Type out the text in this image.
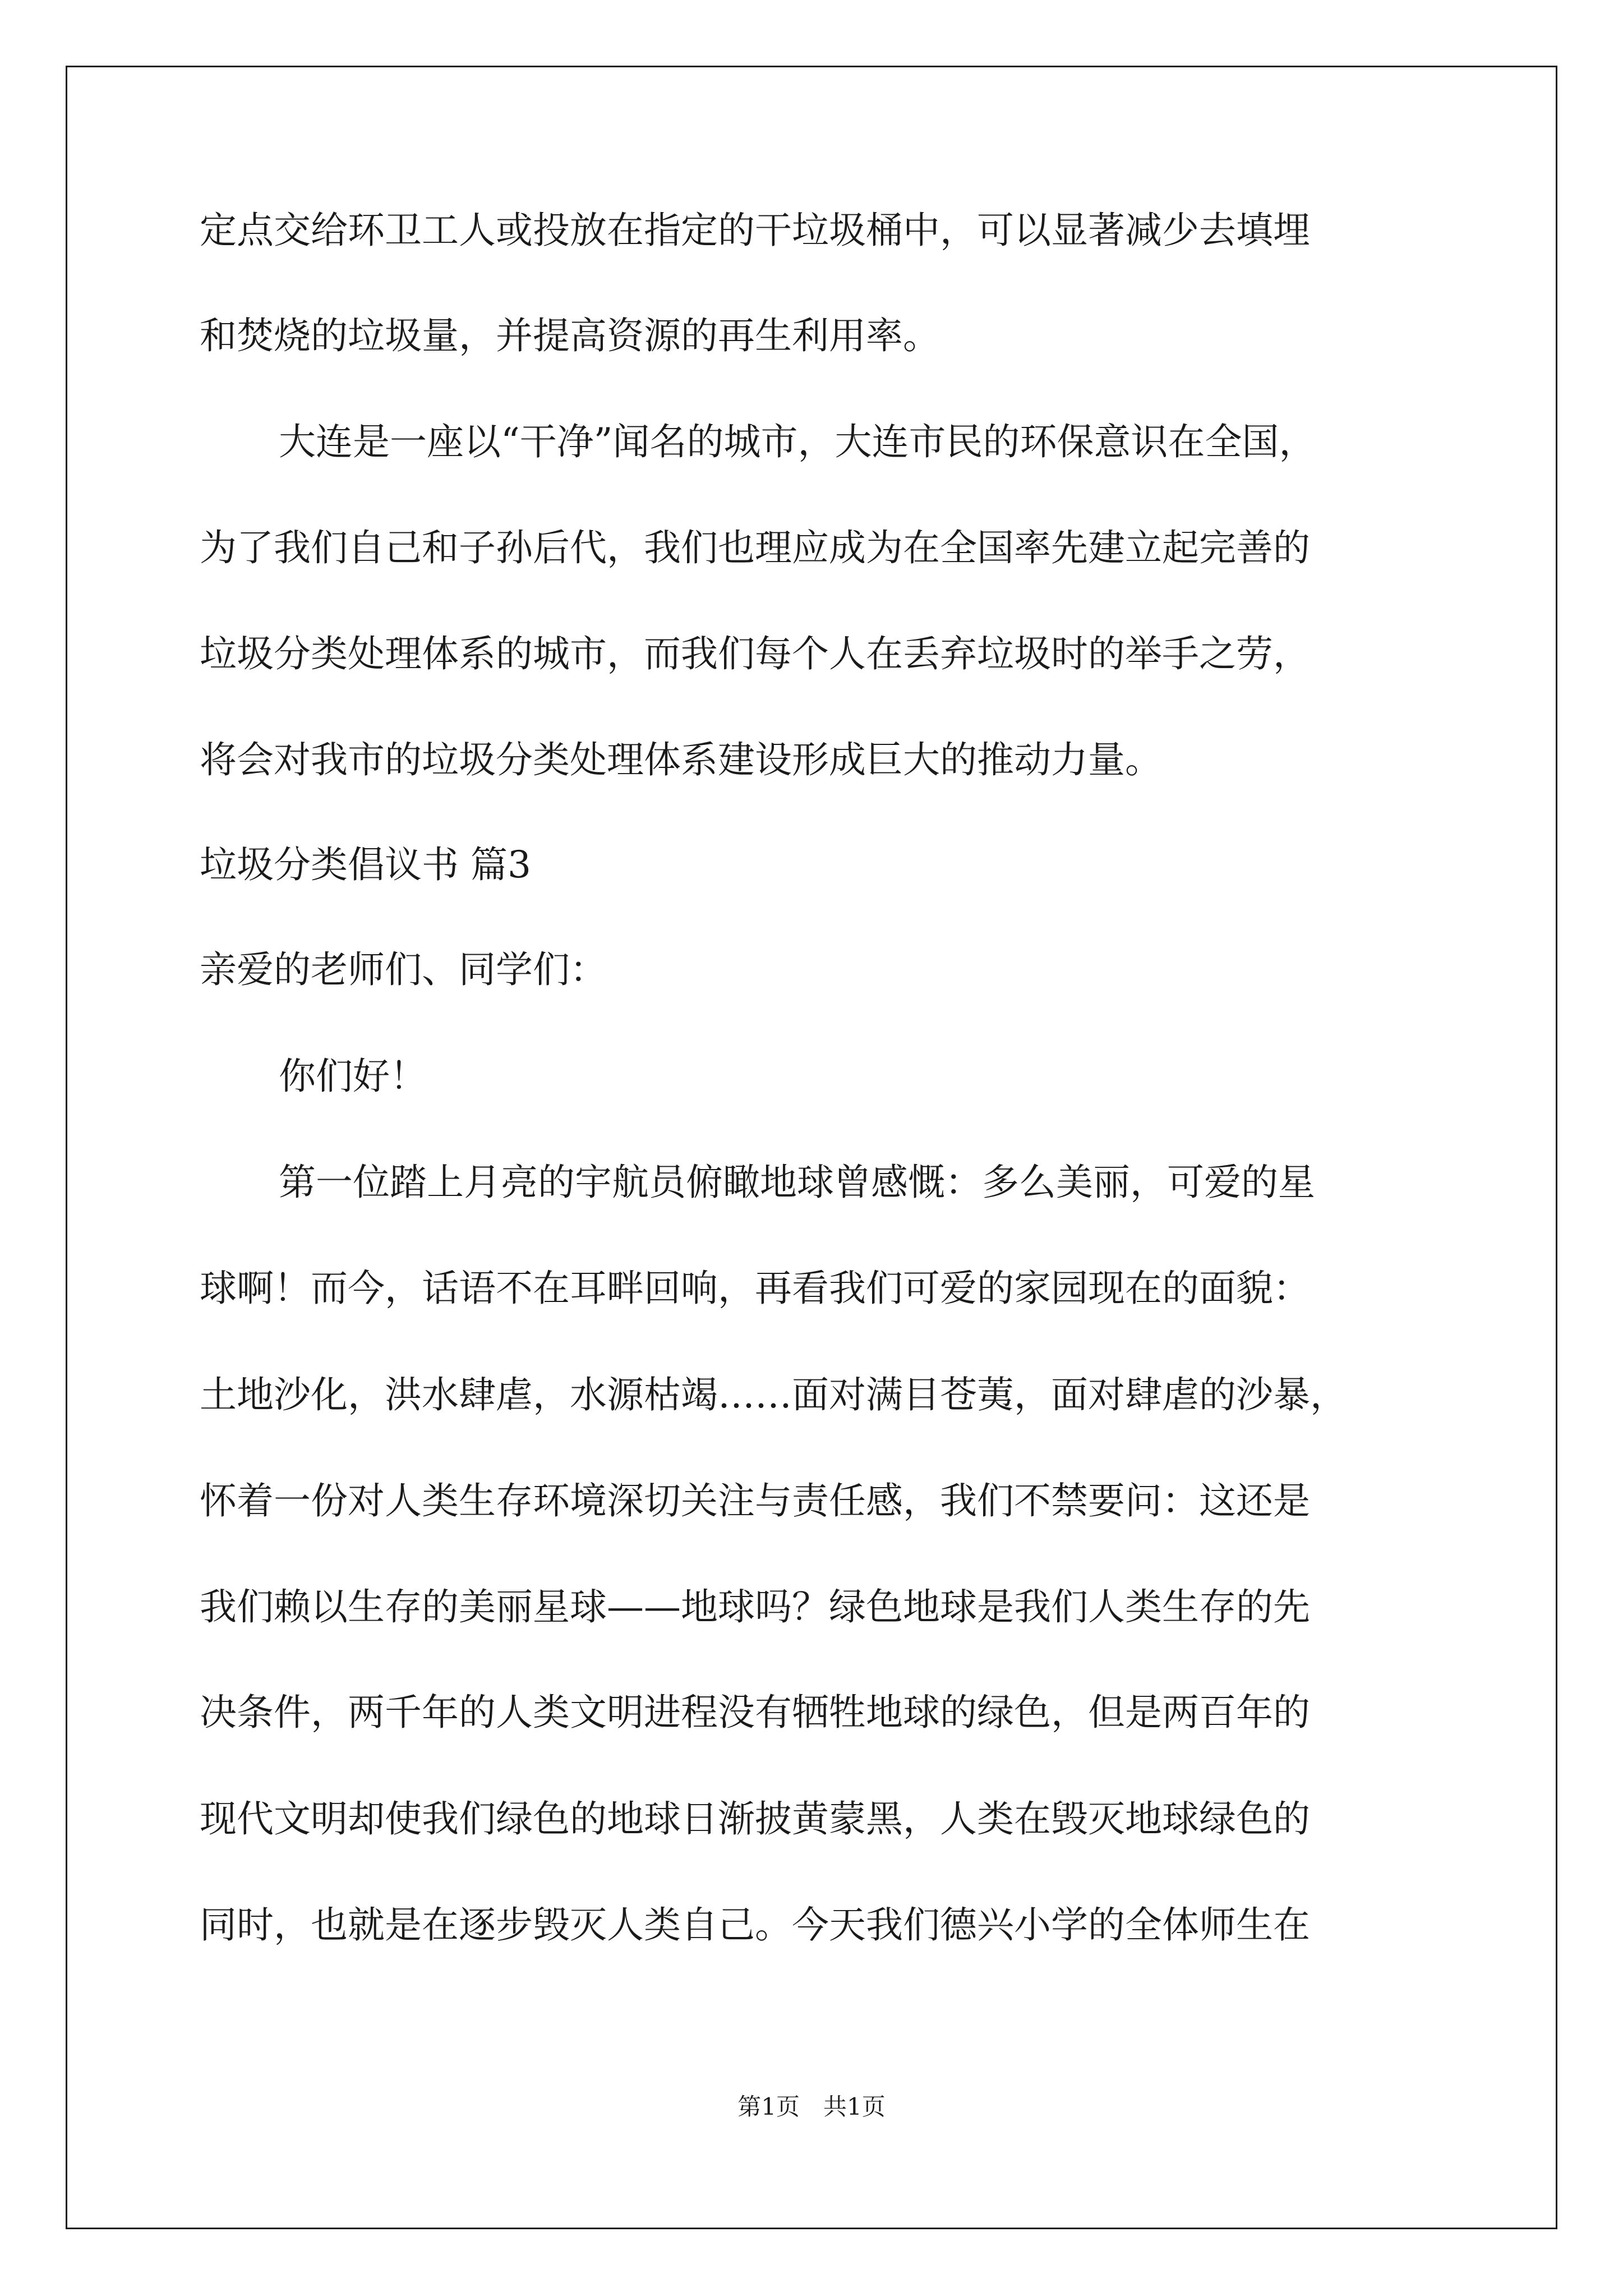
定点交给环卫工人或投放在指定的干垃圾桶中，可以显著减少去填埋
和焚烧的垃圾量，并提高资源的再生利用率。
大连是一座以“干净”闻名的城市，大连市民的环保意识在全国，
为了我们自己和子孙后代，我们也理应成为在全国率先建立起完善的
垃圾分类处理体系的城市，而我们每个人在丢弃垃圾时的举手之劳，
将会对我市的垃圾分类处理体系建设形成巨大的推动力量。
垃圾分类倡议书 篇3
亲爱的老师们、同学们：
你们好！
第一位踏上月亮的宇航员俯瞰地球曾感慨：多么美丽，可爱的星
球啊！而今，话语不在耳畔回响，再看我们可爱的家园现在的面貌：
土地沙化，洪水肆虐，水源枯竭……面对满目苍荑，面对肆虐的沙暴，
怀着一份对人类生存环境深切关注与责任感，我们不禁要问：这还是
我们赖以生存的美丽星球——地球吗？绿色地球是我们人类生存的先
决条件，两千年的人类文明进程没有牺牲地球的绿色，但是两百年的
现代文明却使我们绿色的地球日渐披黄蒙黑，人类在毁灭地球绿色的
同时，也就是在逐步毁灭人类自己。今天我们德兴小学的全体师生在
第1页　共1页
